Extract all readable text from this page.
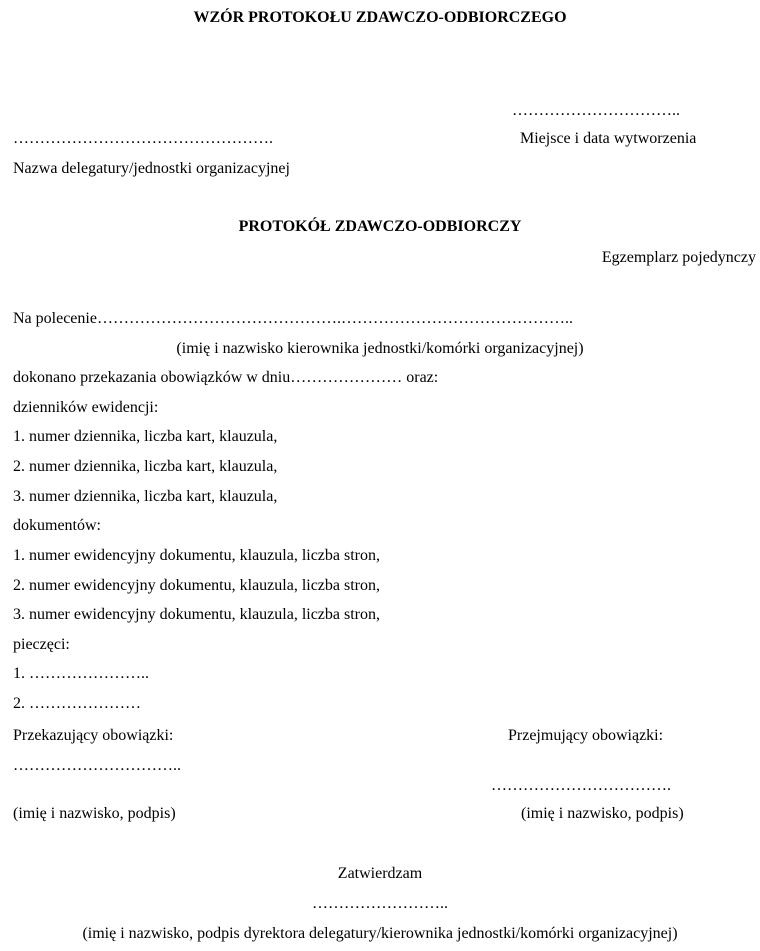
WZÓR PROTOKOŁU ZDAWCZO-ODBIORCZEGO
…………………………..
Miejsce i data wytworzenia
………………………………………….
Nazwa delegatury/jednostki organizacyjnej
PROTOKÓŁ ZDAWCZO-ODBIORCZY
Egzemplarz pojedynczy
Na polecenie……………………………………….……………………………………..
(imię i nazwisko kierownika jednostki/komórki organizacyjnej)
dokonano przekazania obowiązków w dniu………………… oraz:
dzienników ewidencji:
1. numer dziennika, liczba kart, klauzula,
2. numer dziennika, liczba kart, klauzula,
3. numer dziennika, liczba kart, klauzula,
dokumentów:
1. numer ewidencyjny dokumentu, klauzula, liczba stron,
2. numer ewidencyjny dokumentu, klauzula, liczba stron,
3. numer ewidencyjny dokumentu, klauzula, liczba stron,
pieczęci:
1. …………………..
2. …………………
Przekazujący obowiązki:	Przejmujący obowiązki:
…………………………..
…………………………….
(imię i nazwisko, podpis)	(imię i nazwisko, podpis)
Zatwierdzam
……………………..
(imię i nazwisko, podpis dyrektora delegatury/kierownika jednostki/komórki organizacyjnej)
